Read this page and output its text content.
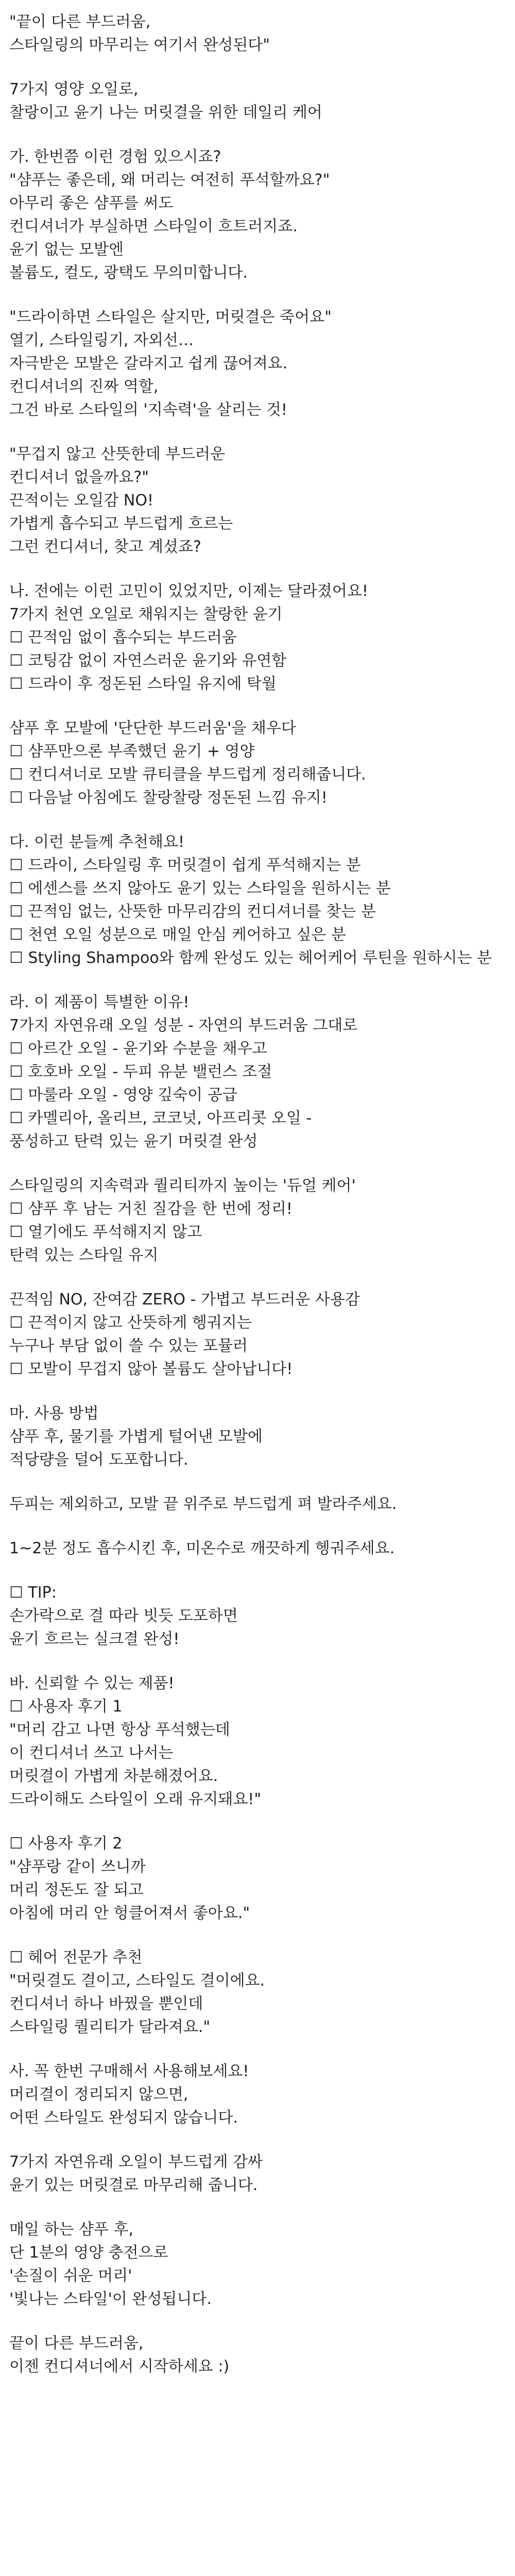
"끝이 다른 부드러움,
스타일링의 마무리는 여기서 완성된다"
7가지 영양 오일로,
찰랑이고 윤기 나는 머릿결을 위한 데일리 케어
가. 한번쯤 이런 경험 있으시죠?
"샴푸는 좋은데, 왜 머리는 여전히 푸석할까요?"
아무리 좋은 샴푸를 써도
컨디셔너가 부실하면 스타일이 흐트러지죠.
윤기 없는 모발엔
볼륨도, 컬도, 광택도 무의미합니다.
"드라이하면 스타일은 살지만, 머릿결은 죽어요"
열기, 스타일링기, 자외선…
자극받은 모발은 갈라지고 쉽게 끊어져요.
컨디셔너의 진짜 역할,
그건 바로 스타일의 '지속력'을 살리는 것!
"무겁지 않고 산뜻한데 부드러운
컨디셔너 없을까요?"
끈적이는 오일감 NO!
가볍게 흡수되고 부드럽게 흐르는
그런 컨디셔너, 찾고 계셨죠?
나. 전에는 이런 고민이 있었지만, 이제는 달라졌어요!
7가지 천연 오일로 채워지는 찰랑한 윤기
☐ 끈적임 없이 흡수되는 부드러움
☐ 코팅감 없이 자연스러운 윤기와 유연함
☐ 드라이 후 정돈된 스타일 유지에 탁월
샴푸 후 모발에 '단단한 부드러움'을 채우다
☐ 샴푸만으론 부족했던 윤기 + 영양
☐ 컨디셔너로 모발 큐티클을 부드럽게 정리해줍니다.
☐ 다음날 아침에도 찰랑찰랑 정돈된 느낌 유지!
다. 이런 분들께 추천해요!
☐ 드라이, 스타일링 후 머릿결이 쉽게 푸석해지는 분
☐ 에센스를 쓰지 않아도 윤기 있는 스타일을 원하시는 분
☐ 끈적임 없는, 산뜻한 마무리감의 컨디셔너를 찾는 분
☐ 천연 오일 성분으로 매일 안심 케어하고 싶은 분
☐ Styling Shampoo와 함께 완성도 있는 헤어케어 루틴을 원하시는 분
라. 이 제품이 특별한 이유!
7가지 자연유래 오일 성분 - 자연의 부드러움 그대로
☐ 아르간 오일 - 윤기와 수분을 채우고
☐ 호호바 오일 - 두피 유분 밸런스 조절
☐ 마룰라 오일 - 영양 깊숙이 공급
☐ 카멜리아, 올리브, 코코넛, 아프리콧 오일 -
풍성하고 탄력 있는 윤기 머릿결 완성
스타일링의 지속력과 퀄리티까지 높이는 '듀얼 케어'
☐ 샴푸 후 남는 거친 질감을 한 번에 정리!
☐ 열기에도 푸석해지지 않고
탄력 있는 스타일 유지
끈적임 NO, 잔여감 ZERO - 가볍고 부드러운 사용감
☐ 끈적이지 않고 산뜻하게 헹궈지는
누구나 부담 없이 쓸 수 있는 포뮬러
☐ 모발이 무겁지 않아 볼륨도 살아납니다!
마. 사용 방법
샴푸 후, 물기를 가볍게 털어낸 모발에
적당량을 덜어 도포합니다.
두피는 제외하고, 모발 끝 위주로 부드럽게 펴 발라주세요.
1~2분 정도 흡수시킨 후, 미온수로 깨끗하게 헹궈주세요.
☐ TIP:
손가락으로 결 따라 빗듯 도포하면
윤기 흐르는 실크결 완성!
바. 신뢰할 수 있는 제품!
☐ 사용자 후기 1
"머리 감고 나면 항상 푸석했는데
이 컨디셔너 쓰고 나서는
머릿결이 가볍게 차분해졌어요.
드라이해도 스타일이 오래 유지돼요!"
☐ 사용자 후기 2
"샴푸랑 같이 쓰니까
머리 정돈도 잘 되고
아침에 머리 안 헝클어져서 좋아요."
☐ 헤어 전문가 추천
"머릿결도 결이고, 스타일도 결이에요.
컨디셔너 하나 바꿨을 뿐인데
스타일링 퀄리티가 달라져요."
사. 꼭 한번 구매해서 사용해보세요!
머리결이 정리되지 않으면,
어떤 스타일도 완성되지 않습니다.
7가지 자연유래 오일이 부드럽게 감싸
윤기 있는 머릿결로 마무리해 줍니다.
매일 하는 샴푸 후,
단 1분의 영양 충전으로
'손질이 쉬운 머리'
'빛나는 스타일'이 완성됩니다.
끝이 다른 부드러움,
이젠 컨디셔너에서 시작하세요 :)
